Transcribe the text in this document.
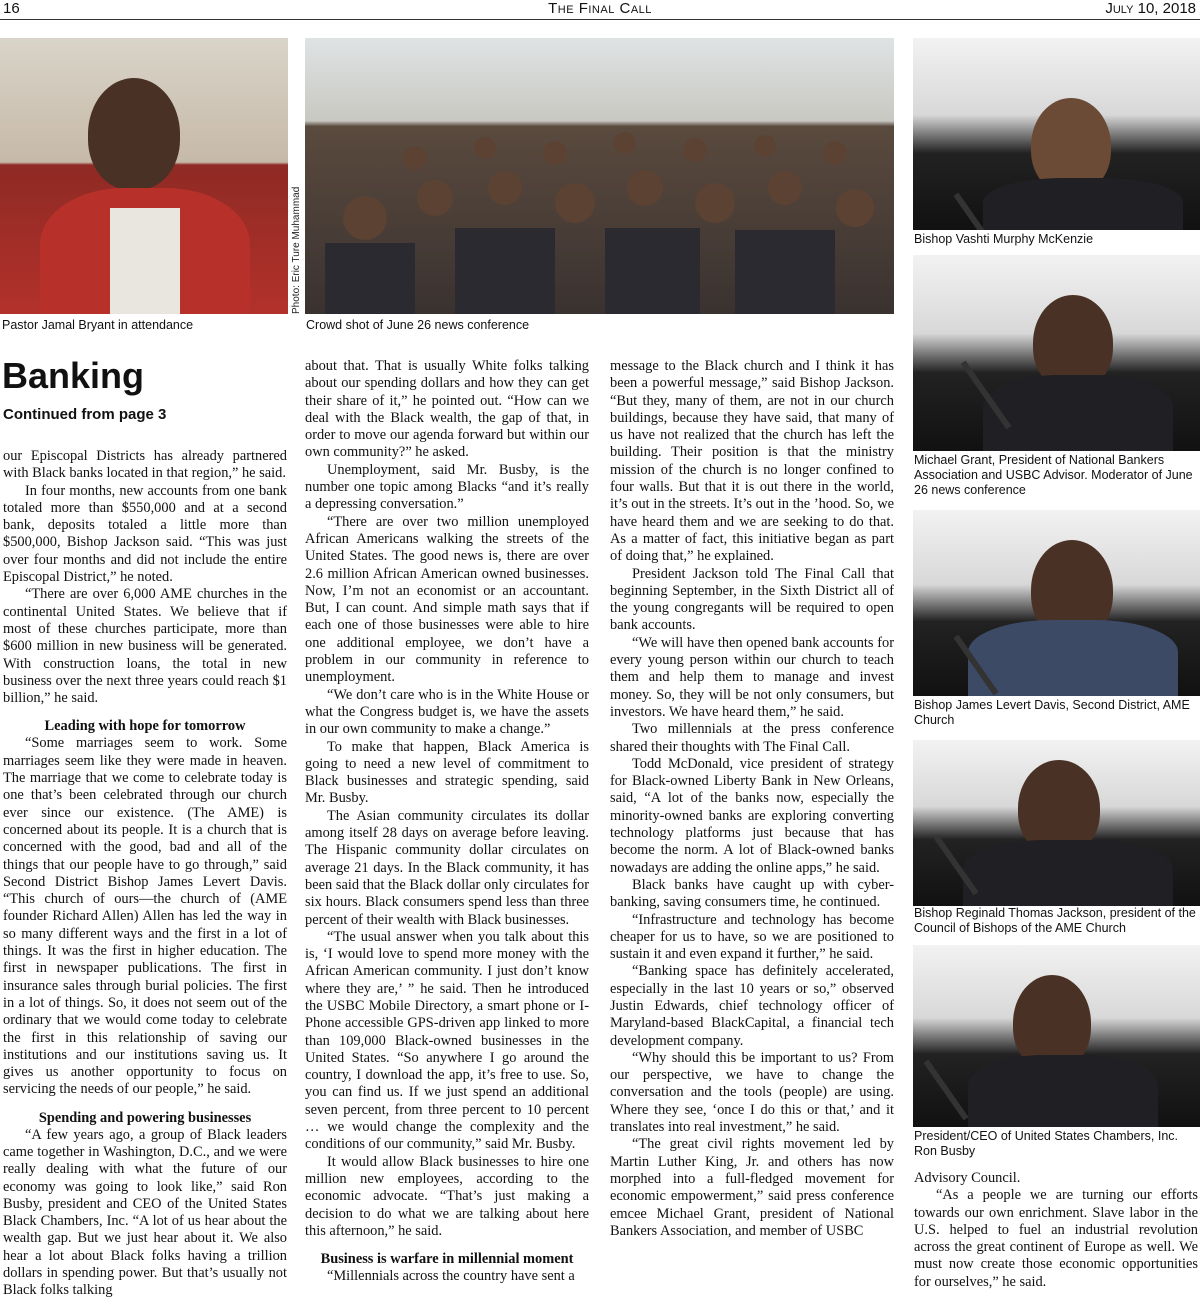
16	The Final Call	July 10, 2018
Photo: Eric Ture Muhammad
Pastor Jamal Bryant in attendance	Crowd shot of June 26 news conference
Bishop Vashti Murphy McKenzie
Michael Grant, President of National Bankers Association and USBC Advisor. Moderator of June 26 news conference
Bishop James Levert Davis, Second District, AME Church
Bishop Reginald Thomas Jackson, president of the Council of Bishops of the AME Church
President/CEO of United States Chambers, Inc. Ron Busby
Banking
Continued from page 3

our Episcopal Districts has already partnered with Black banks located in that region,” he said.

In four months, new accounts from one bank totaled more than $550,000 and at a second bank, deposits totaled a little more than $500,000, Bishop Jackson said. “This was just over four months and did not include the entire Episcopal District,” he noted.

“There are over 6,000 AME churches in the continental United States. We believe that if most of these churches participate, more than $600 million in new business will be generated. With construction loans, the total in new business over the next three years could reach $1 billion,” he said.

Leading with hope for tomorrow

“Some marriages seem to work. Some marriages seem like they were made in heaven. The marriage that we come to celebrate today is one that’s been celebrated through our church ever since our existence. (The AME) is concerned about its people. It is a church that is concerned with the good, bad and all of the things that our people have to go through,” said Second District Bishop James Levert Davis. “This church of ours—the church of (AME founder Richard Allen) Allen has led the way in so many different ways and the first in a lot of things. It was the first in higher education. The first in newspaper publications. The first in insurance sales through burial policies. The first in a lot of things. So, it does not seem out of the ordinary that we would come today to celebrate the first in this relationship of saving our institutions and our institutions saving us. It gives us another opportunity to focus on servicing the needs of our people,” he said.

Spending and powering businesses

“A few years ago, a group of Black leaders came together in Washington, D.C., and we were really dealing with what the future of our economy was going to look like,” said Ron Busby, president and CEO of the United States Black Chambers, Inc. “A lot of us hear about the wealth gap. But we just hear about it. We also hear a lot about Black folks having a trillion dollars in spending power. But that’s usually not Black folks talking

about that. That is usually White folks talking about our spending dollars and how they can get their share of it,” he pointed out. “How can we deal with the Black wealth, the gap of that, in order to move our agenda forward but within our own community?” he asked.

Unemployment, said Mr. Busby, is the number one topic among Blacks “and it’s really a depressing conversation.”

“There are over two million unemployed African Americans walking the streets of the United States. The good news is, there are over 2.6 million African American owned businesses. Now, I’m not an economist or an accountant. But, I can count. And simple math says that if each one of those businesses were able to hire one additional employee, we don’t have a problem in our community in reference to unemployment.

“We don’t care who is in the White House or what the Congress budget is, we have the assets in our own community to make a change.”

To make that happen, Black America is going to need a new level of commitment to Black businesses and strategic spending, said Mr. Busby.

The Asian community circulates its dollar among itself 28 days on average before leaving. The Hispanic community dollar circulates on average 21 days. In the Black community, it has been said that the Black dollar only circulates for six hours. Black consumers spend less than three percent of their wealth with Black businesses.

“The usual answer when you talk about this is, ‘I would love to spend more money with the African American community. I just don’t know where they are,’ ” he said. Then he introduced the USBC Mobile Directory, a smart phone or I-Phone accessible GPS-driven app linked to more than 109,000 Black-owned businesses in the United States. “So anywhere I go around the country, I download the app, it’s free to use. So, you can find us. If we just spend an additional seven percent, from three percent to 10 percent … we would change the complexity and the conditions of our community,” said Mr. Busby.

It would allow Black businesses to hire one million new employees, according to the economic advocate. “That’s just making a decision to do what we are talking about here this afternoon,” he said.

Business is warfare in millennial moment

“Millennials across the country have sent a

message to the Black church and I think it has been a powerful message,” said Bishop Jackson. “But they, many of them, are not in our church buildings, because they have said, that many of us have not realized that the church has left the building. Their position is that the ministry mission of the church is no longer confined to four walls. But that it is out there in the world, it’s out in the streets. It’s out in the ’hood. So, we have heard them and we are seeking to do that. As a matter of fact, this initiative began as part of doing that,” he explained.

President Jackson told The Final Call that beginning September, in the Sixth District all of the young congregants will be required to open bank accounts.

“We will have then opened bank accounts for every young person within our church to teach them and help them to manage and invest money. So, they will be not only consumers, but investors. We have heard them,” he said.

Two millennials at the press conference shared their thoughts with The Final Call.

Todd McDonald, vice president of strategy for Black-owned Liberty Bank in New Orleans, said, “A lot of the banks now, especially the minority-owned banks are exploring converting technology platforms just because that has become the norm. A lot of Black-owned banks nowadays are adding the online apps,” he said.

Black banks have caught up with cyber-banking, saving consumers time, he continued.

“Infrastructure and technology has become cheaper for us to have, so we are positioned to sustain it and even expand it further,” he said.

“Banking space has definitely accelerated, especially in the last 10 years or so,” observed Justin Edwards, chief technology officer of Maryland-based BlackCapital, a financial tech development company.

“Why should this be important to us? From our perspective, we have to change the conversation and the tools (people) are using. Where they see, ‘once I do this or that,’ and it translates into real investment,” he said.

“The great civil rights movement led by Martin Luther King, Jr. and others has now morphed into a full-fledged movement for economic empowerment,” said press conference emcee Michael Grant, president of National Bankers Association, and member of USBC

Advisory Council.

“As a people we are turning our efforts towards our own enrichment. Slave labor in the U.S. helped to fuel an industrial revolution across the great continent of Europe as well. We must now create those economic opportunities for ourselves,” he said.
